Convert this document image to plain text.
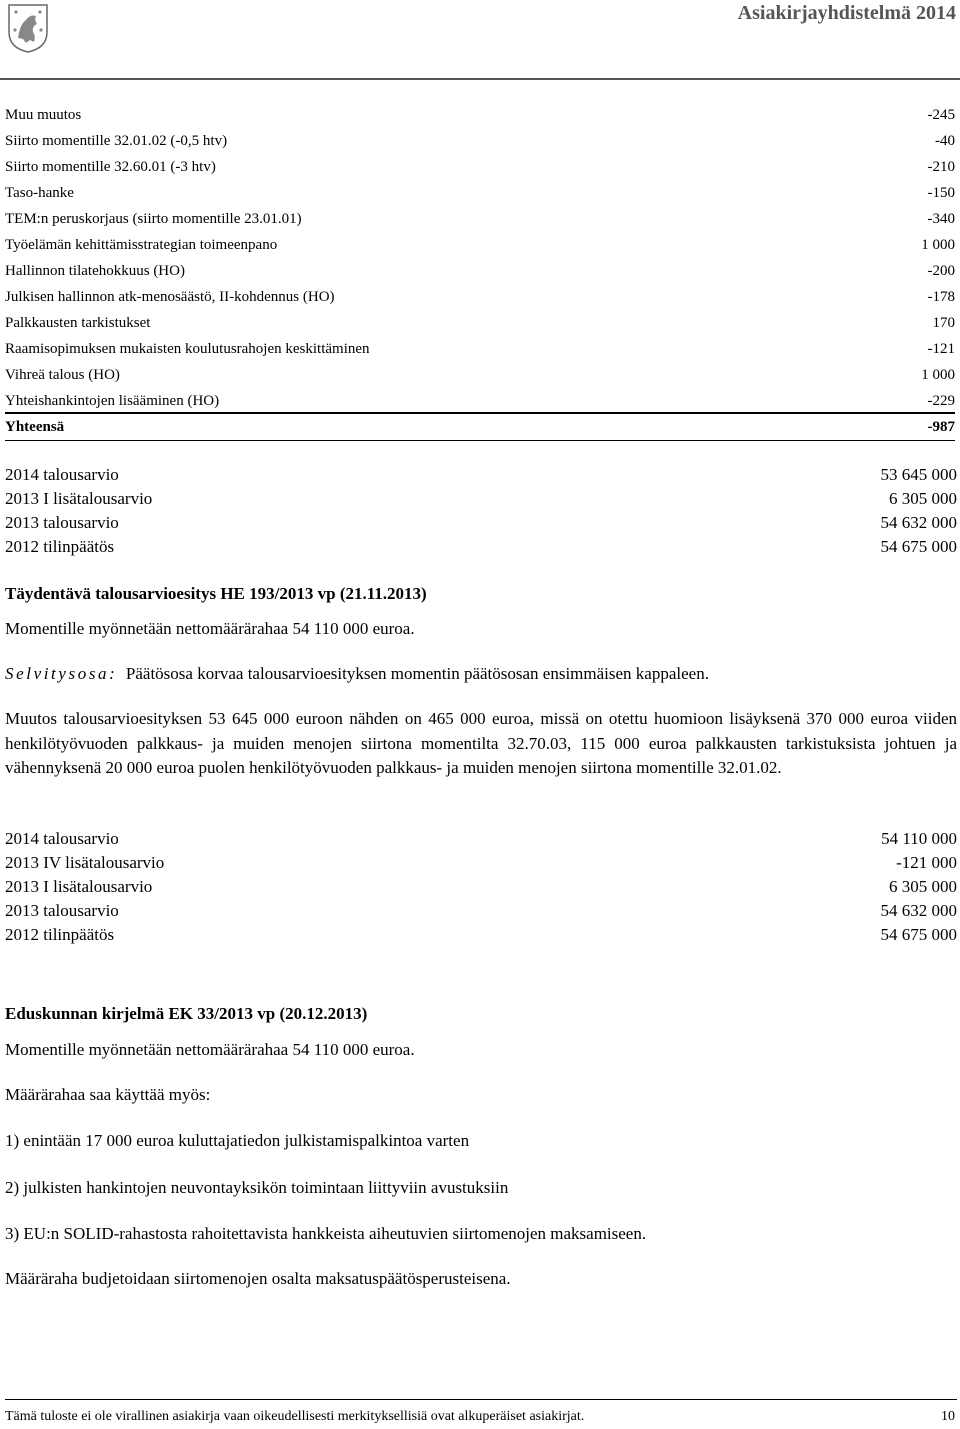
Asiakirjayhdistelmä 2014
Muu muutos	-245
Siirto momentille 32.01.02 (-0,5 htv)	-40
Siirto momentille 32.60.01 (-3 htv)	-210
Taso-hanke	-150
TEM:n peruskorjaus (siirto momentille 23.01.01)	-340
Työelämän kehittämisstrategian toimeenpano	1 000
Hallinnon tilatehokkuus (HO)	-200
Julkisen hallinnon atk-menosäästö, II-kohdennus (HO)	-178
Palkkausten tarkistukset	170
Raamisopimuksen mukaisten koulutusrahojen keskittäminen	-121
Vihreä talous (HO)	1 000
Yhteishankintojen lisääminen (HO)	-229
Yhteensä	-987
2014 talousarvio	53 645 000
2013 I lisätalousarvio	6 305 000
2013 talousarvio	54 632 000
2012 tilinpäätös	54 675 000
Täydentävä talousarvioesitys HE 193/2013 vp (21.11.2013)
Momentille myönnetään nettomäärärahaa 54 110 000 euroa.
Selvitysosa: Päätösosa korvaa talousarvioesityksen momentin päätösosan ensimmäisen kappaleen.
Muutos talousarvioesityksen 53 645 000 euroon nähden on 465 000 euroa, missä on otettu huomioon lisäyksenä 370 000 euroa viiden henkilötyövuoden palkkaus- ja muiden menojen siirtona momentilta 32.70.03, 115 000 euroa palkkausten tarkistuksista johtuen ja vähennyksenä 20 000 euroa puolen henkilötyövuoden palkkaus- ja muiden menojen siirtona momentille 32.01.02.
2014 talousarvio	54 110 000
2013 IV lisätalousarvio	-121 000
2013 I lisätalousarvio	6 305 000
2013 talousarvio	54 632 000
2012 tilinpäätös	54 675 000
Eduskunnan kirjelmä EK 33/2013 vp (20.12.2013)
Momentille myönnetään nettomäärärahaa 54 110 000 euroa.
Määrärahaa saa käyttää myös:
1) enintään 17 000 euroa kuluttajatiedon julkistamispalkintoa varten
2) julkisten hankintojen neuvontayksikön toimintaan liittyviin avustuksiin
3) EU:n SOLID-rahastosta rahoitettavista hankkeista aiheutuvien siirtomenojen maksamiseen.
Määräraha budjetoidaan siirtomenojen osalta maksatuspäätösperusteisena.
Tämä tuloste ei ole virallinen asiakirja vaan oikeudellisesti merkityksellisiä ovat alkuperäiset asiakirjat.	10
